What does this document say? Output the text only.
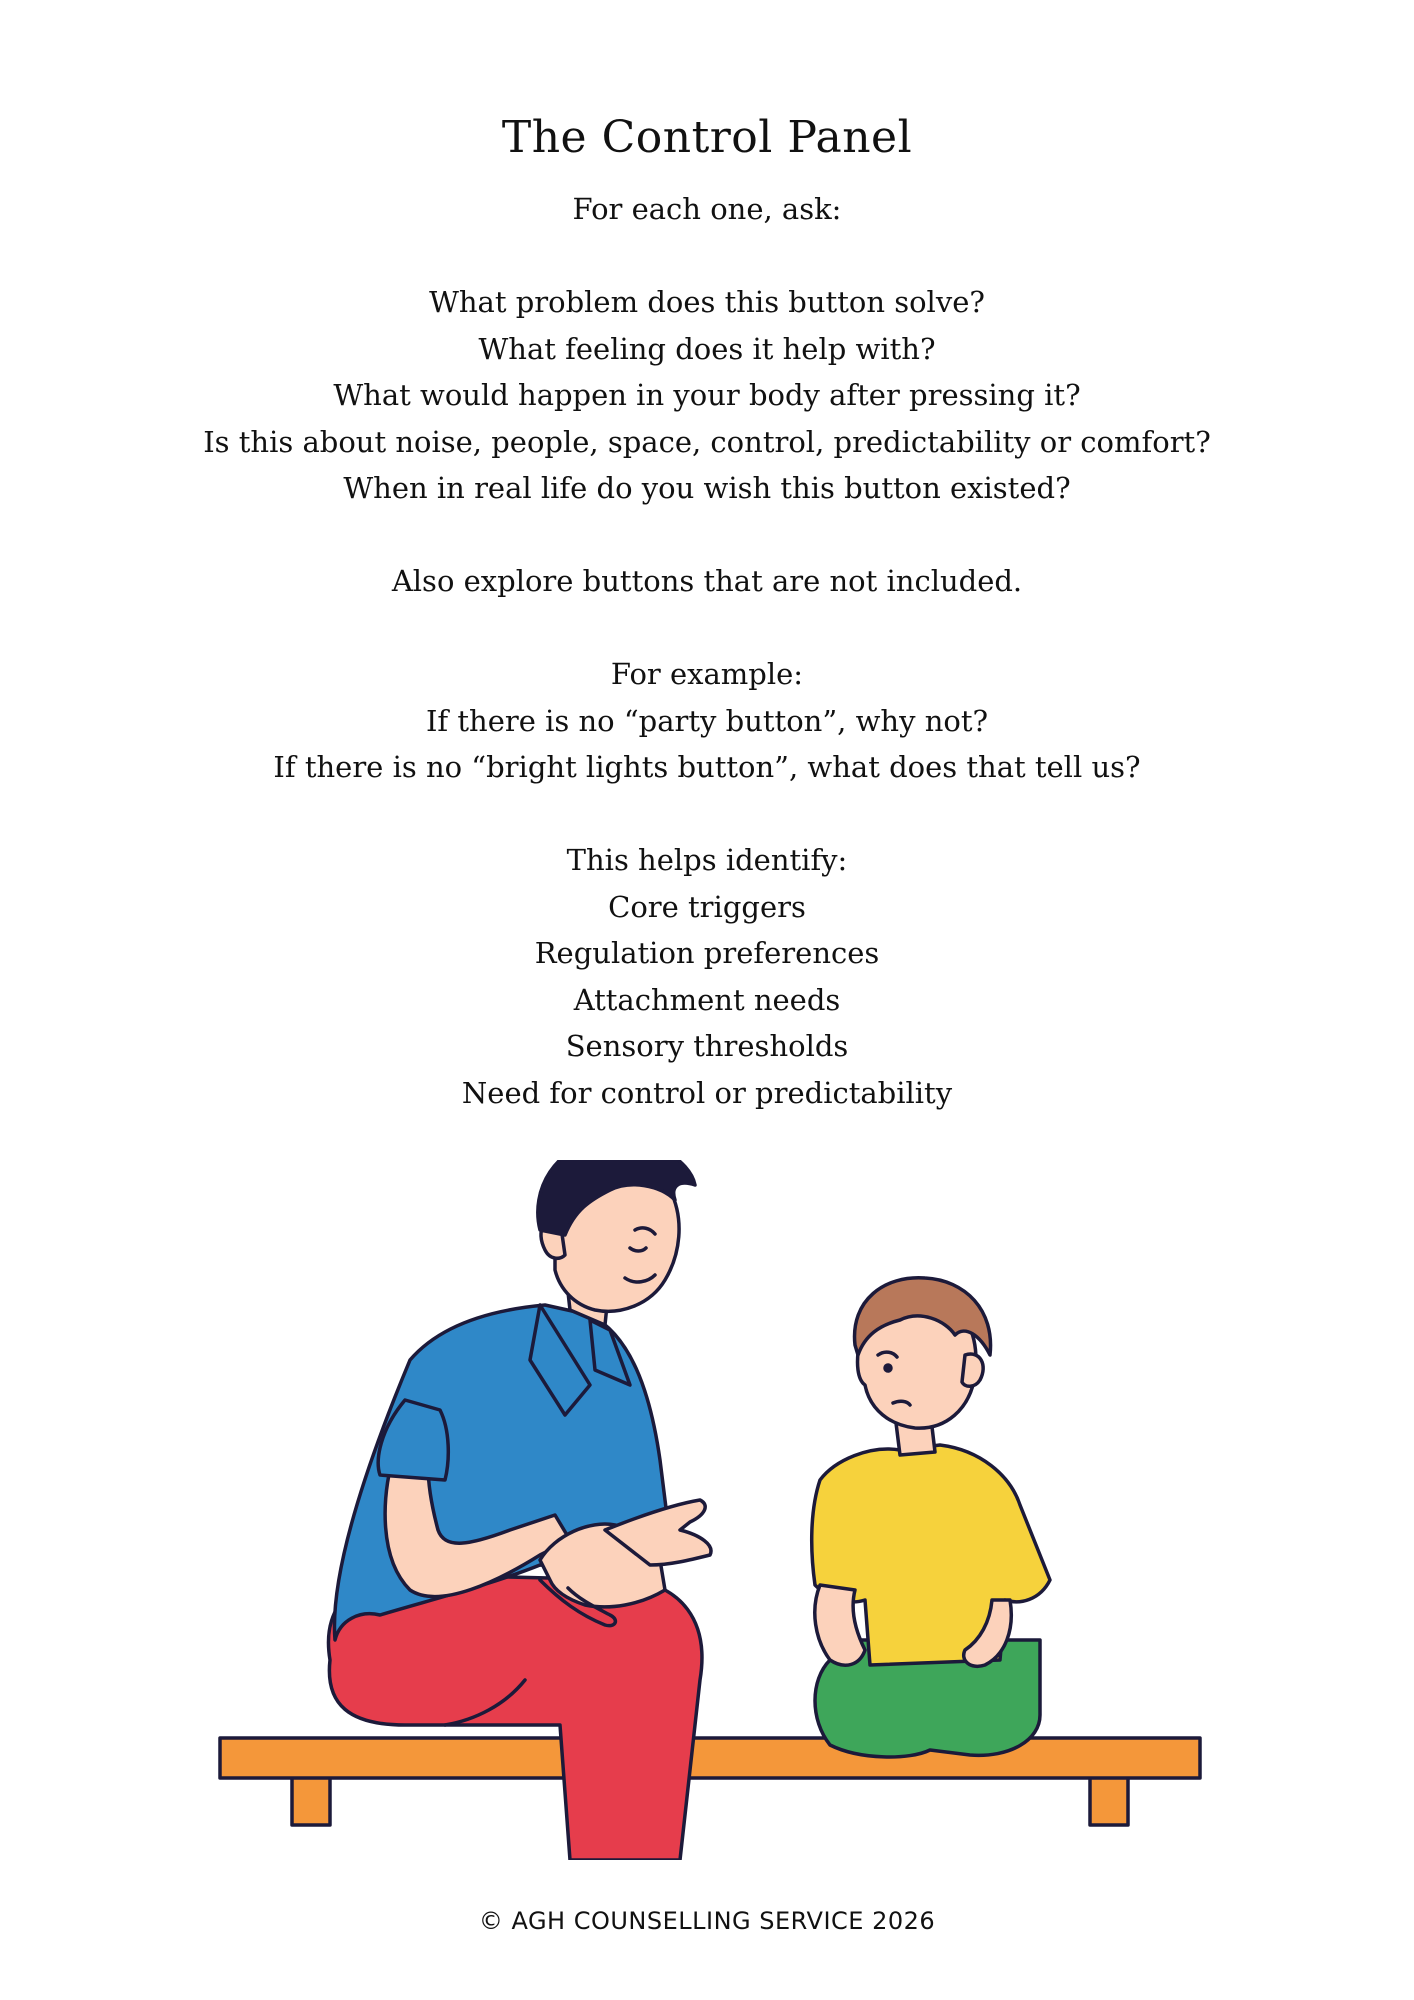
The Control Panel
For each one, ask:
What problem does this button solve?
What feeling does it help with?
What would happen in your body after pressing it?
Is this about noise, people, space, control, predictability or comfort?
When in real life do you wish this button existed?
Also explore buttons that are not included.
For example:
If there is no “party button”, why not?
If there is no “bright lights button”, what does that tell us?
This helps identify:
Core triggers
Regulation preferences
Attachment needs
Sensory thresholds
Need for control or predictability
© AGH COUNSELLING SERVICE 2026
